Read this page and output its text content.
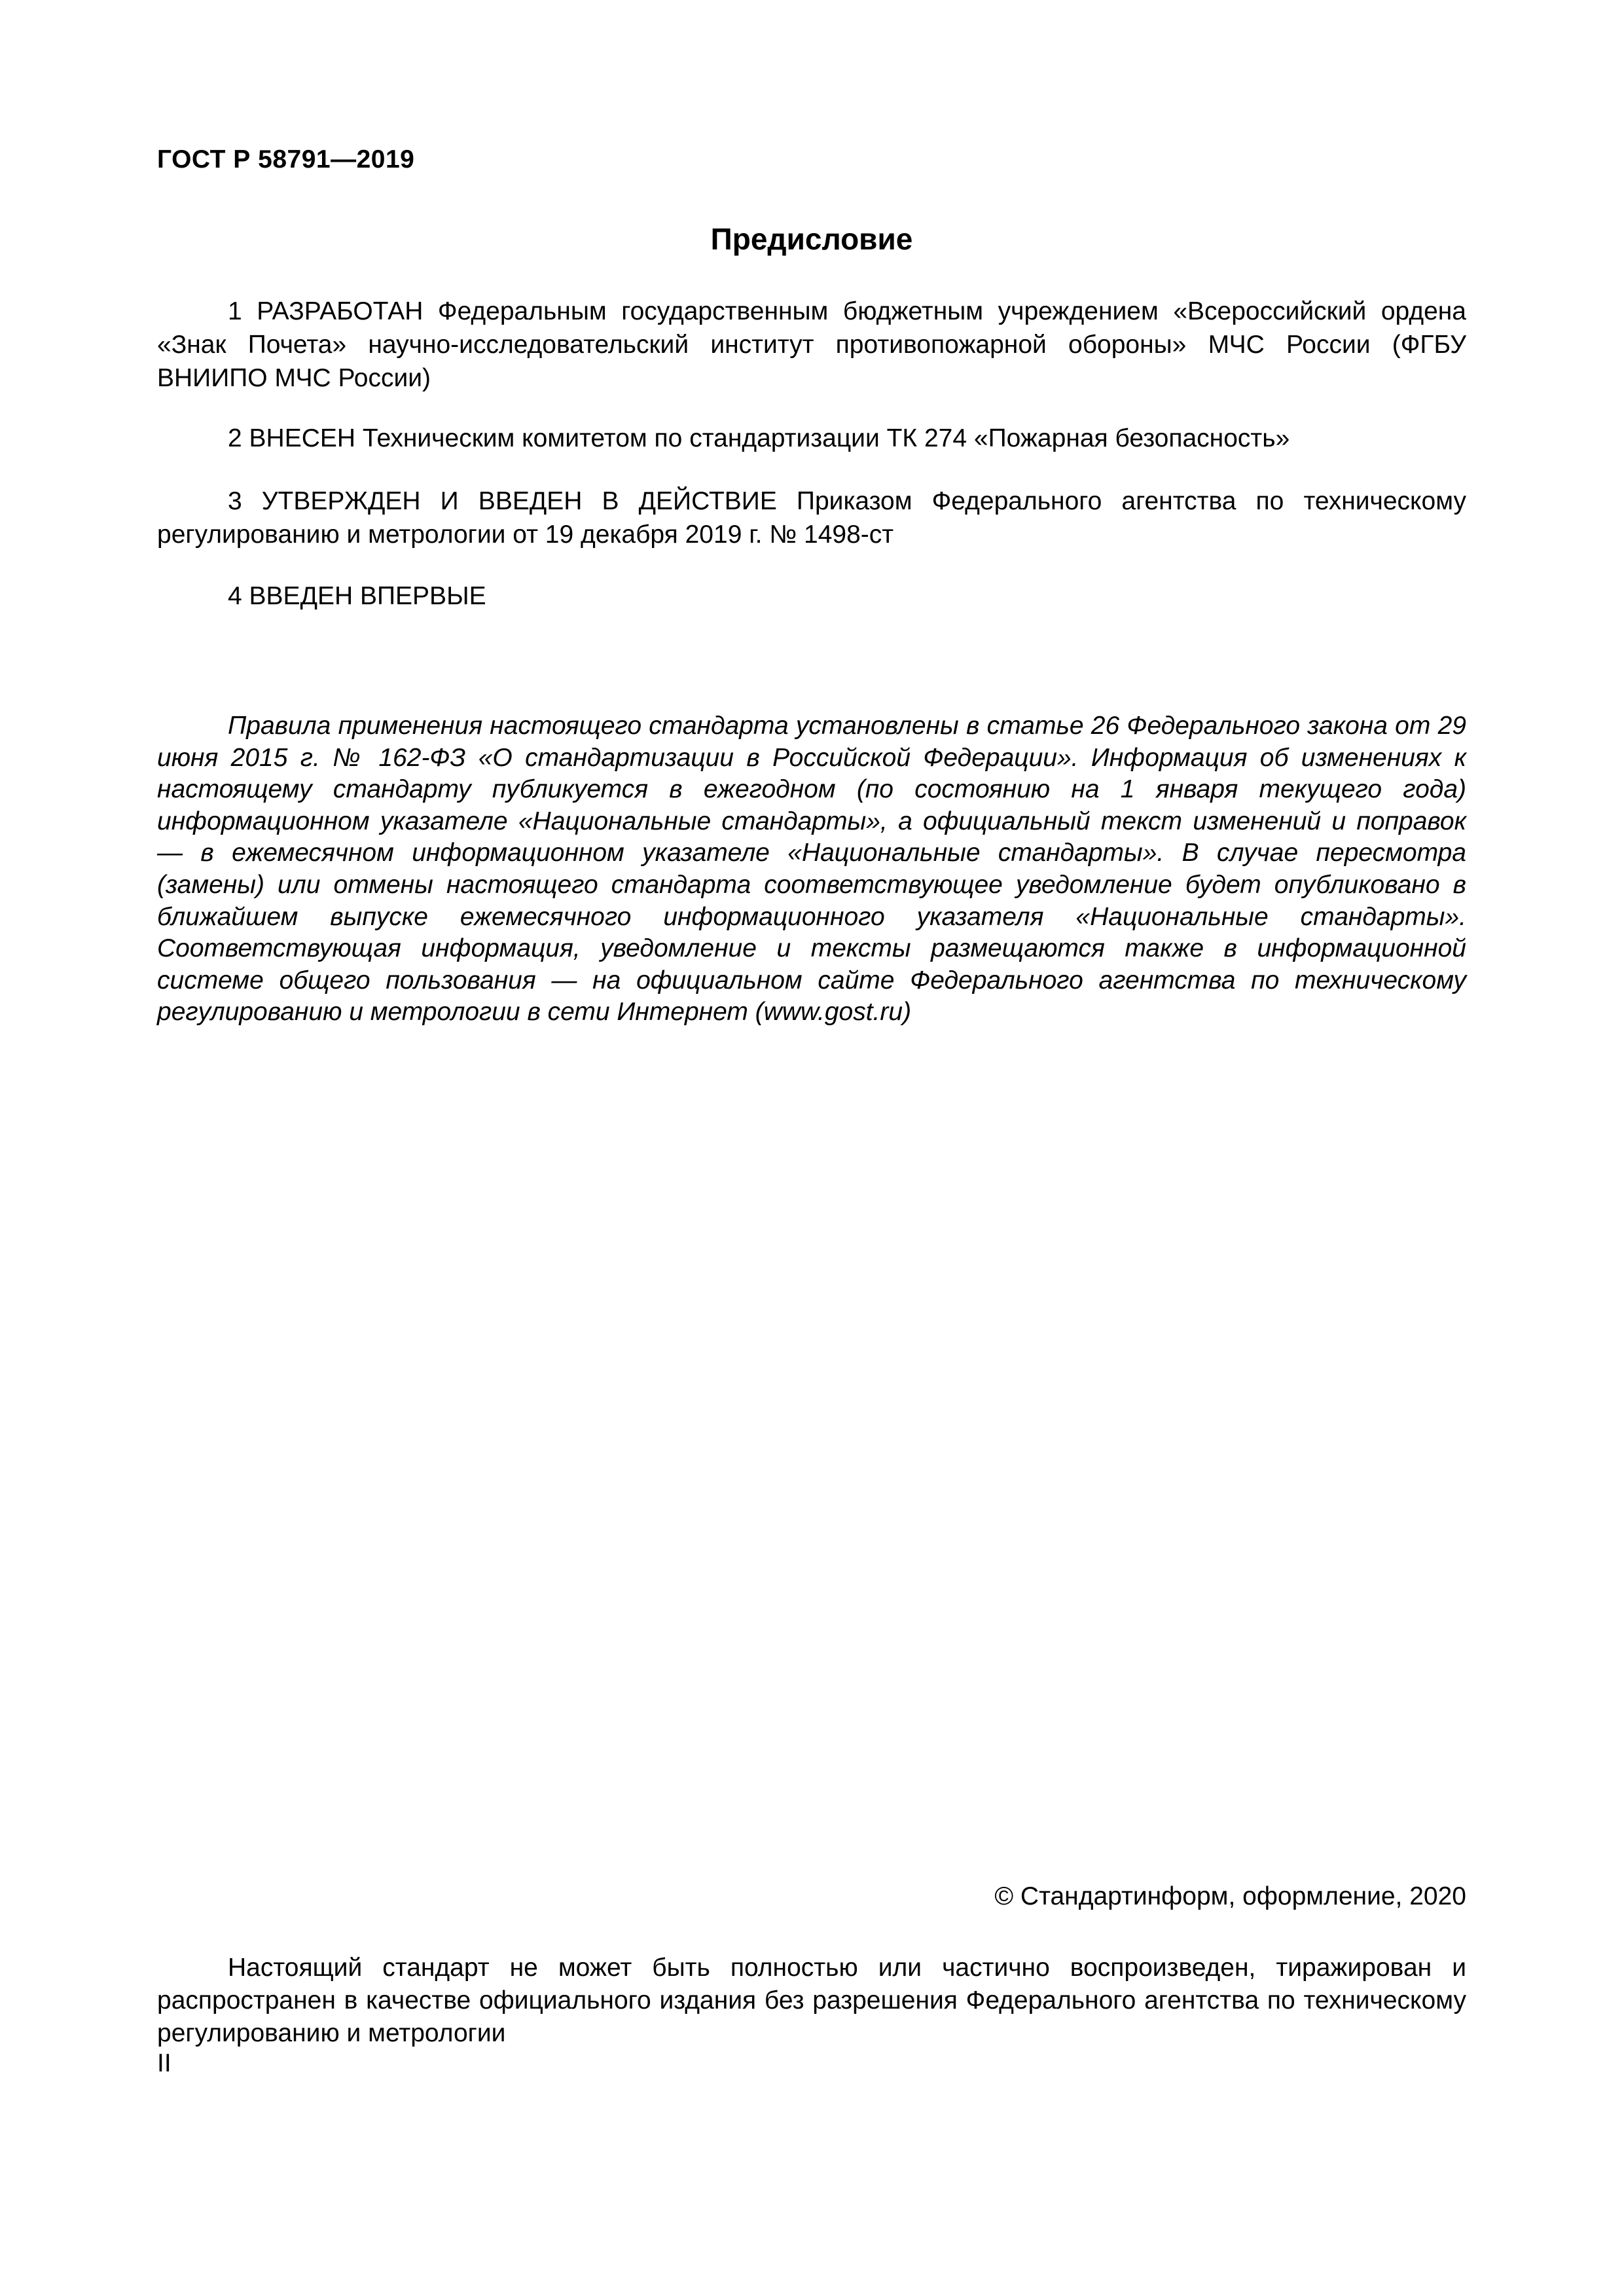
ГОСТ Р 58791—2019
Предисловие

1 РАЗРАБОТАН Федеральным государственным бюджетным учреждением «Всероссийский ордена «Знак Почета» научно-исследовательский институт противопожарной обороны» МЧС России (ФГБУ ВНИИПО МЧС России)

2 ВНЕСЕН Техническим комитетом по стандартизации ТК 274 «Пожарная безопасность»

3 УТВЕРЖДЕН И ВВЕДЕН В ДЕЙСТВИЕ Приказом Федерального агентства по техническому регулированию и метрологии от 19 декабря 2019 г. № 1498-ст

4 ВВЕДЕН ВПЕРВЫЕ

Правила применения настоящего стандарта установлены в статье 26 Федерального закона от 29 июня 2015 г. № 162-ФЗ «О стандартизации в Российской Федерации». Информация об изменениях к настоящему стандарту публикуется в ежегодном (по состоянию на 1 января текущего года) информационном указателе «Национальные стандарты», а официальный текст изменений и поправок — в ежемесячном информационном указателе «Национальные стандарты». В случае пересмотра (замены) или отмены настоящего стандарта соответствующее уведомление будет опубликовано в ближайшем выпуске ежемесячного информационного указателя «Национальные стандарты». Соответствующая информация, уведомление и тексты размещаются также в информационной системе общего пользования — на официальном сайте Федерального агентства по техническому регулированию и метрологии в сети Интернет (www.gost.ru)

© Стандартинформ, оформление, 2020

Настоящий стандарт не может быть полностью или частично воспроизведен, тиражирован и распространен в качестве официального издания без разрешения Федерального агентства по техническому регулированию и метрологии

II
